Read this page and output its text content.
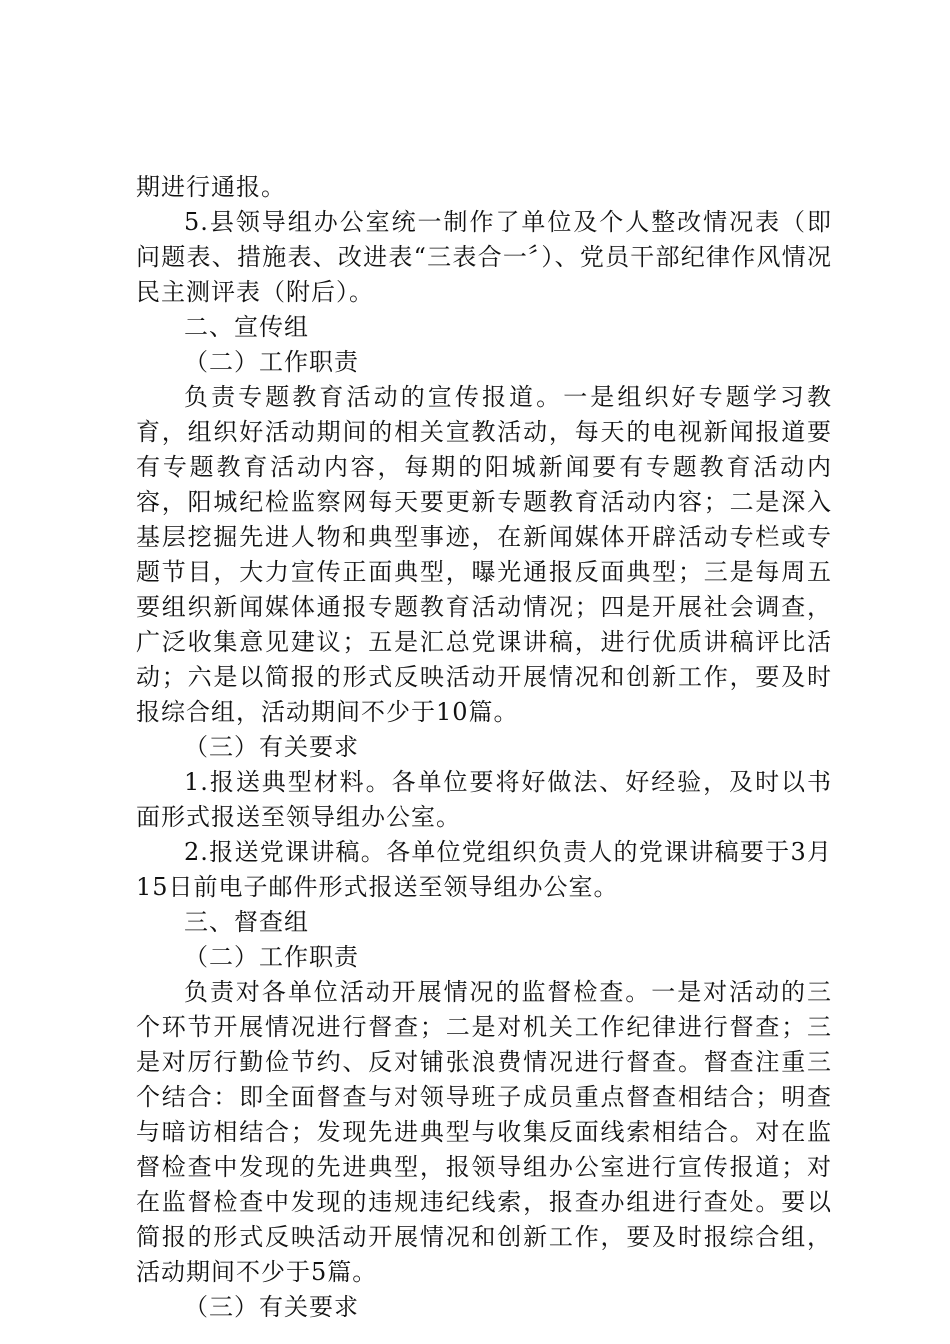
期进行通报。

5.县领导组办公室统一制作了单位及个人整改情况表（即问题表、措施表、改进表“三表合一〞）、党员干部纪律作风情况民主测评表（附后）。

二、宣传组

（二）工作职责

负责专题教育活动的宣传报道。一是组织好专题学习教育，组织好活动期间的相关宣教活动，每天的电视新闻报道要有专题教育活动内容，每期的阳城新闻要有专题教育活动内容，阳城纪检监察网每天要更新专题教育活动内容；二是深入基层挖掘先进人物和典型事迹，在新闻媒体开辟活动专栏或专题节目，大力宣传正面典型，曝光通报反面典型；三是每周五要组织新闻媒体通报专题教育活动情况；四是开展社会调查，广泛收集意见建议；五是汇总党课讲稿，进行优质讲稿评比活动；六是以简报的形式反映活动开展情况和创新工作，要及时报综合组，活动期间不少于10篇。

（三）有关要求

1.报送典型材料。各单位要将好做法、好经验，及时以书面形式报送至领导组办公室。

2.报送党课讲稿。各单位党组织负责人的党课讲稿要于3月15日前电子邮件形式报送至领导组办公室。

三、督查组

（二）工作职责

负责对各单位活动开展情况的监督检查。一是对活动的三个环节开展情况进行督查；二是对机关工作纪律进行督查；三是对厉行勤俭节约、反对铺张浪费情况进行督查。督查注重三个结合：即全面督查与对领导班子成员重点督查相结合；明查与暗访相结合；发现先进典型与收集反面线索相结合。对在监督检查中发现的先进典型，报领导组办公室进行宣传报道；对在监督检查中发现的违规违纪线索，报查办组进行查处。要以简报的形式反映活动开展情况和创新工作，要及时报综合组，活动期间不少于5篇。

（三）有关要求
